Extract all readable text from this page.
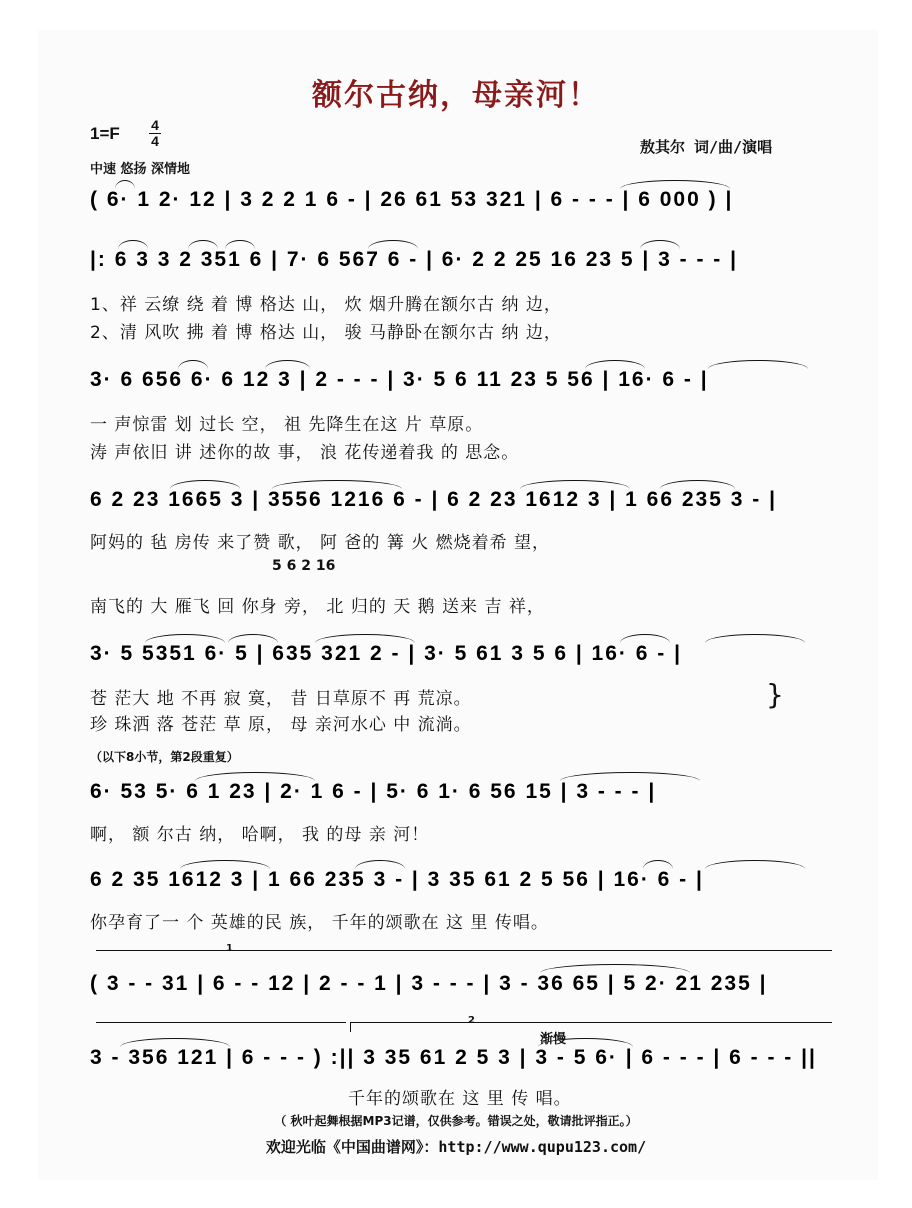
额尔古纳，母亲河！
1=F	4
4
中速 悠扬 深情地
敖其尔 词/曲/演唱
( 6· 1 2· 12 | 3 2 2 1 6 - | 26 61 53 321 | 6 - - - | 6 000 ) |
|: 6 3 3 2 351 6 | 7· 6 567 6 - | 6· 2 2 25 16 23 5 | 3 - - - |
1、祥 云缭 绕 着 博 格达 山， 炊 烟升腾在额尔古 纳 边，
2、清 风吹 拂 着 博 格达 山， 骏 马静卧在额尔古 纳 边，
3· 6 656 6· 6 12 3 | 2 - - - | 3· 5 6 11 23 5 56 | 16· 6 - |
一 声惊雷 划 过长 空， 祖 先降生在这 片 草原。
涛 声依旧 讲 述你的故 事， 浪 花传递着我 的 思念。
6 2 23 1665 3 | 3556 1216 6 - | 6 2 23 1612 3 | 1 66 235 3 - |
阿妈的 毡 房传 来了赞 歌， 阿 爸的 篝 火 燃烧着希 望，
5 6 2 16
南飞的 大 雁飞 回 你身 旁， 北 归的 天 鹅 送来 吉 祥，
3· 5 5351 6· 5 | 635 321 2 - | 3· 5 61 3 5 6 | 16· 6 - |
苍 茫大 地 不再 寂 寞， 昔 日草原不 再 荒凉。
珍 珠洒 落 苍茫 草 原， 母 亲河水心 中 流淌。
}
（以下8小节，第2段重复）
6· 53 5· 6 1 23 | 2· 1 6 - | 5· 6 1· 6 56 15 | 3 - - - |
啊， 额 尔古 纳， 哈啊， 我 的母 亲 河！
6 2 35 1612 3 | 1 66 235 3 - | 3 35 61 2 5 56 | 16· 6 - |
你孕育了一 个 英雄的民 族， 千年的颂歌在 这 里 传唱。
1
( 3 - - 31 | 6 - - 12 | 2 - - 1 | 3 - - - | 3 - 36 65 | 5 2· 21 235 |
2
渐慢
3 - 356 121 | 6 - - - ) :|| 3 35 61 2 5 3 | 3 - 5 6· | 6 - - - | 6 - - - ||
千年的颂歌在 这 里 传 唱。
（ 秋叶起舞根据MP3记谱，仅供参考。错误之处，敬请批评指正。）
欢迎光临《中国曲谱网》：http://www.qupu123.com/
